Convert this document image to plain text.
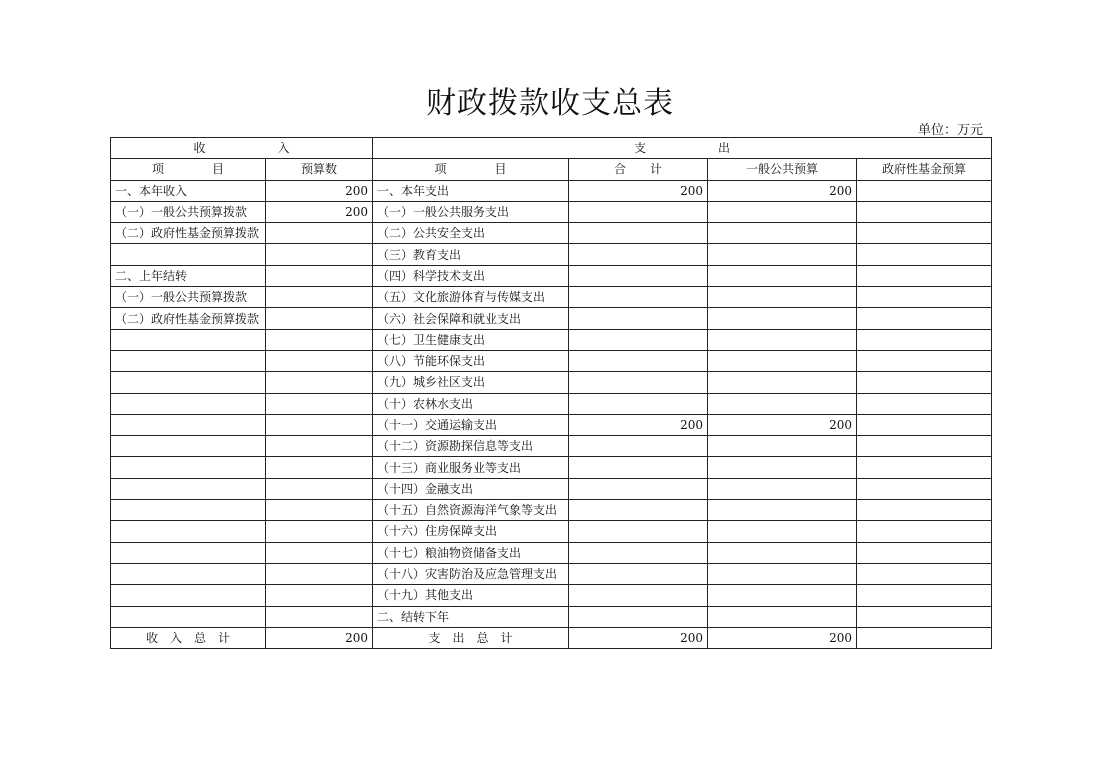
财政拨款收支总表
单位：万元
收　　　　　　入		支　　　　　　出			
项　　　　目	预算数	项　　　　目	合　　计	一般公共预算	政府性基金预算
一、本年收入	200	一、本年支出	200	200	
（一）一般公共预算拨款	200	（一）一般公共服务支出			
（二）政府性基金预算拨款		（二）公共安全支出			
		（三）教育支出			
二、上年结转		（四）科学技术支出			
（一）一般公共预算拨款		（五）文化旅游体育与传媒支出			
（二）政府性基金预算拨款		（六）社会保障和就业支出			
		（七）卫生健康支出			
		（八）节能环保支出			
		（九）城乡社区支出			
		（十）农林水支出			
		（十一）交通运输支出	200	200	
		（十二）资源勘探信息等支出			
		（十三）商业服务业等支出			
		（十四）金融支出			
		（十五）自然资源海洋气象等支出			
		（十六）住房保障支出			
		（十七）粮油物资储备支出			
		（十八）灾害防治及应急管理支出			
		（十九）其他支出			
		二、结转下年			
收　入　总　计	200	支　出　总　计	200	200	
